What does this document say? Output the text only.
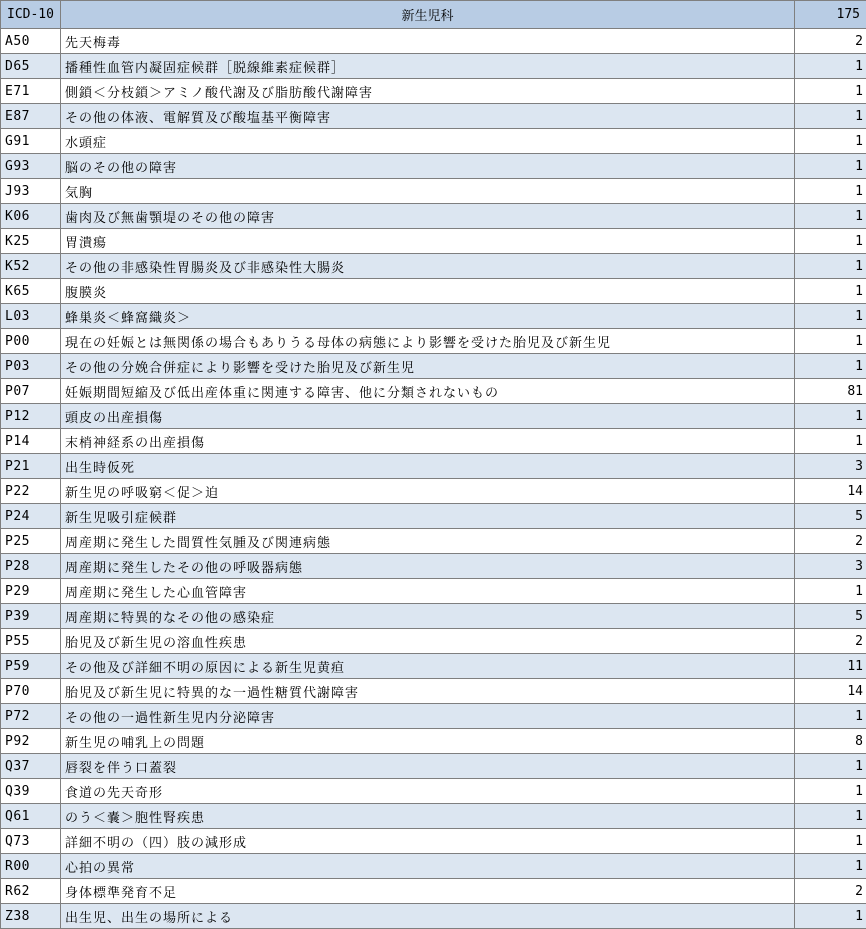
ICD-10	新生児科	175
A50	先天梅毒	2
D65	播種性血管内凝固症候群［脱線維素症候群］	1
E71	側鎖＜分枝鎖＞アミノ酸代謝及び脂肪酸代謝障害	1
E87	その他の体液、電解質及び酸塩基平衡障害	1
G91	水頭症	1
G93	脳のその他の障害	1
J93	気胸	1
K06	歯肉及び無歯顎堤のその他の障害	1
K25	胃潰瘍	1
K52	その他の非感染性胃腸炎及び非感染性大腸炎	1
K65	腹膜炎	1
L03	蜂巣炎＜蜂窩織炎＞	1
P00	現在の妊娠とは無関係の場合もありうる母体の病態により影響を受けた胎児及び新生児	1
P03	その他の分娩合併症により影響を受けた胎児及び新生児	1
P07	妊娠期間短縮及び低出産体重に関連する障害、他に分類されないもの	81
P12	頭皮の出産損傷	1
P14	末梢神経系の出産損傷	1
P21	出生時仮死	3
P22	新生児の呼吸窮＜促＞迫	14
P24	新生児吸引症候群	5
P25	周産期に発生した間質性気腫及び関連病態	2
P28	周産期に発生したその他の呼吸器病態	3
P29	周産期に発生した心血管障害	1
P39	周産期に特異的なその他の感染症	5
P55	胎児及び新生児の溶血性疾患	2
P59	その他及び詳細不明の原因による新生児黄疸	11
P70	胎児及び新生児に特異的な一過性糖質代謝障害	14
P72	その他の一過性新生児内分泌障害	1
P92	新生児の哺乳上の問題	8
Q37	唇裂を伴う口蓋裂	1
Q39	食道の先天奇形	1
Q61	のう＜嚢＞胞性腎疾患	1
Q73	詳細不明の（四）肢の減形成	1
R00	心拍の異常	1
R62	身体標準発育不足	2
Z38	出生児、出生の場所による	1
